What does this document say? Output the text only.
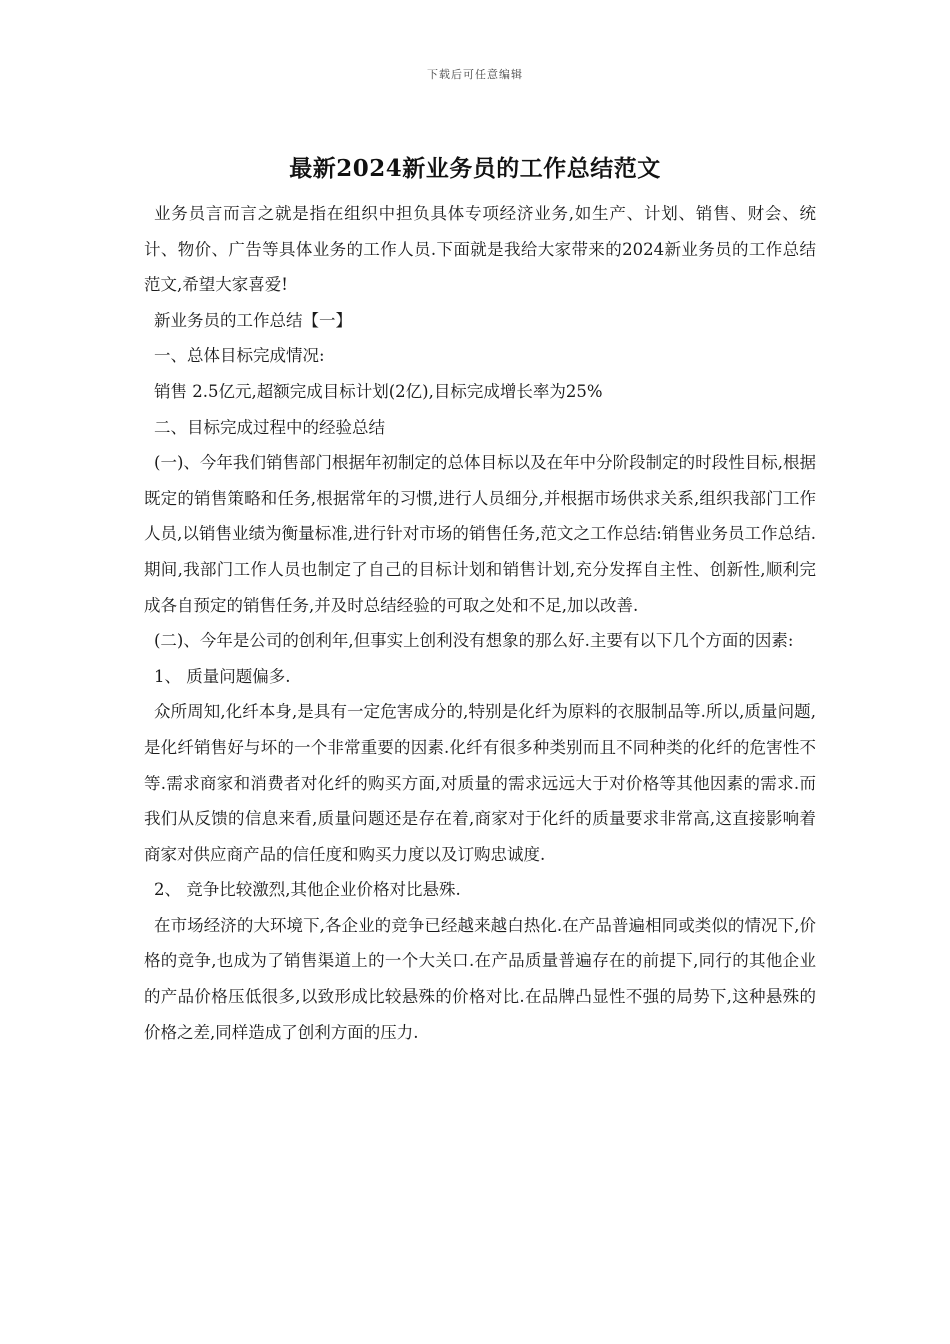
下载后可任意编辑
最新2024新业务员的工作总结范文

业务员言而言之就是指在组织中担负具体专项经济业务,如生产、计划、销售、财会、统计、物价、广告等具体业务的工作人员.下面就是我给大家带来的2024新业务员的工作总结范文,希望大家喜爱!

新业务员的工作总结【一】

一、总体目标完成情况:

销售 2.5亿元,超额完成目标计划(2亿),目标完成增长率为25%

二、目标完成过程中的经验总结

(一)、今年我们销售部门根据年初制定的总体目标以及在年中分阶段制定的时段性目标,根据既定的销售策略和任务,根据常年的习惯,进行人员细分,并根据市场供求关系,组织我部门工作人员,以销售业绩为衡量标准,进行针对市场的销售任务,范文之工作总结:销售业务员工作总结.期间,我部门工作人员也制定了自己的目标计划和销售计划,充分发挥自主性、创新性,顺利完成各自预定的销售任务,并及时总结经验的可取之处和不足,加以改善.

(二)、今年是公司的创利年,但事实上创利没有想象的那么好.主要有以下几个方面的因素:

1、 质量问题偏多.

众所周知,化纤本身,是具有一定危害成分的,特别是化纤为原料的衣服制品等.所以,质量问题,是化纤销售好与坏的一个非常重要的因素.化纤有很多种类别而且不同种类的化纤的危害性不等.需求商家和消费者对化纤的购买方面,对质量的需求远远大于对价格等其他因素的需求.而我们从反馈的信息来看,质量问题还是存在着,商家对于化纤的质量要求非常高,这直接影响着商家对供应商产品的信任度和购买力度以及订购忠诚度.

2、 竞争比较激烈,其他企业价格对比悬殊.

在市场经济的大环境下,各企业的竞争已经越来越白热化.在产品普遍相同或类似的情况下,价格的竞争,也成为了销售渠道上的一个大关口.在产品质量普遍存在的前提下,同行的其他企业的产品价格压低很多,以致形成比较悬殊的价格对比.在品牌凸显性不强的局势下,这种悬殊的价格之差,同样造成了创利方面的压力.
